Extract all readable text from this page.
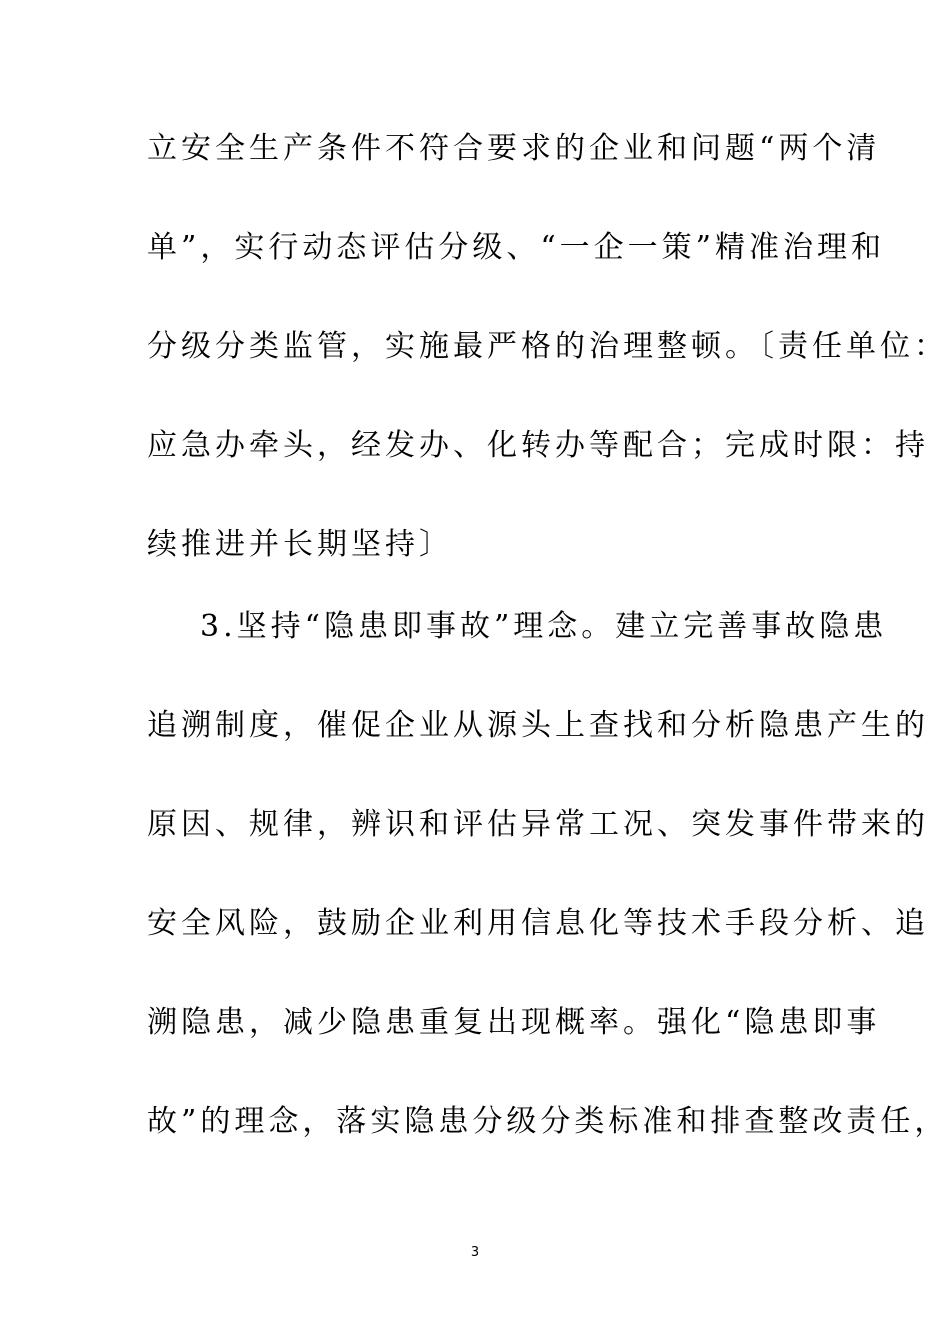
立安全生产条件不符合要求的企业和问题“两个清
单”，实行动态评估分级、“一企一策”精准治理和
分级分类监管，实施最严格的治理整顿。〔责任单位：
应急办牵头，经发办、化转办等配合；完成时限：持
续推进并长期坚持〕
3.坚持“隐患即事故”理念。建立完善事故隐患
追溯制度，催促企业从源头上查找和分析隐患产生的
原因、规律，辨识和评估异常工况、突发事件带来的
安全风险，鼓励企业利用信息化等技术手段分析、追
溯隐患，减少隐患重复出现概率。强化“隐患即事
故”的理念，落实隐患分级分类标准和排查整改责任，
3
